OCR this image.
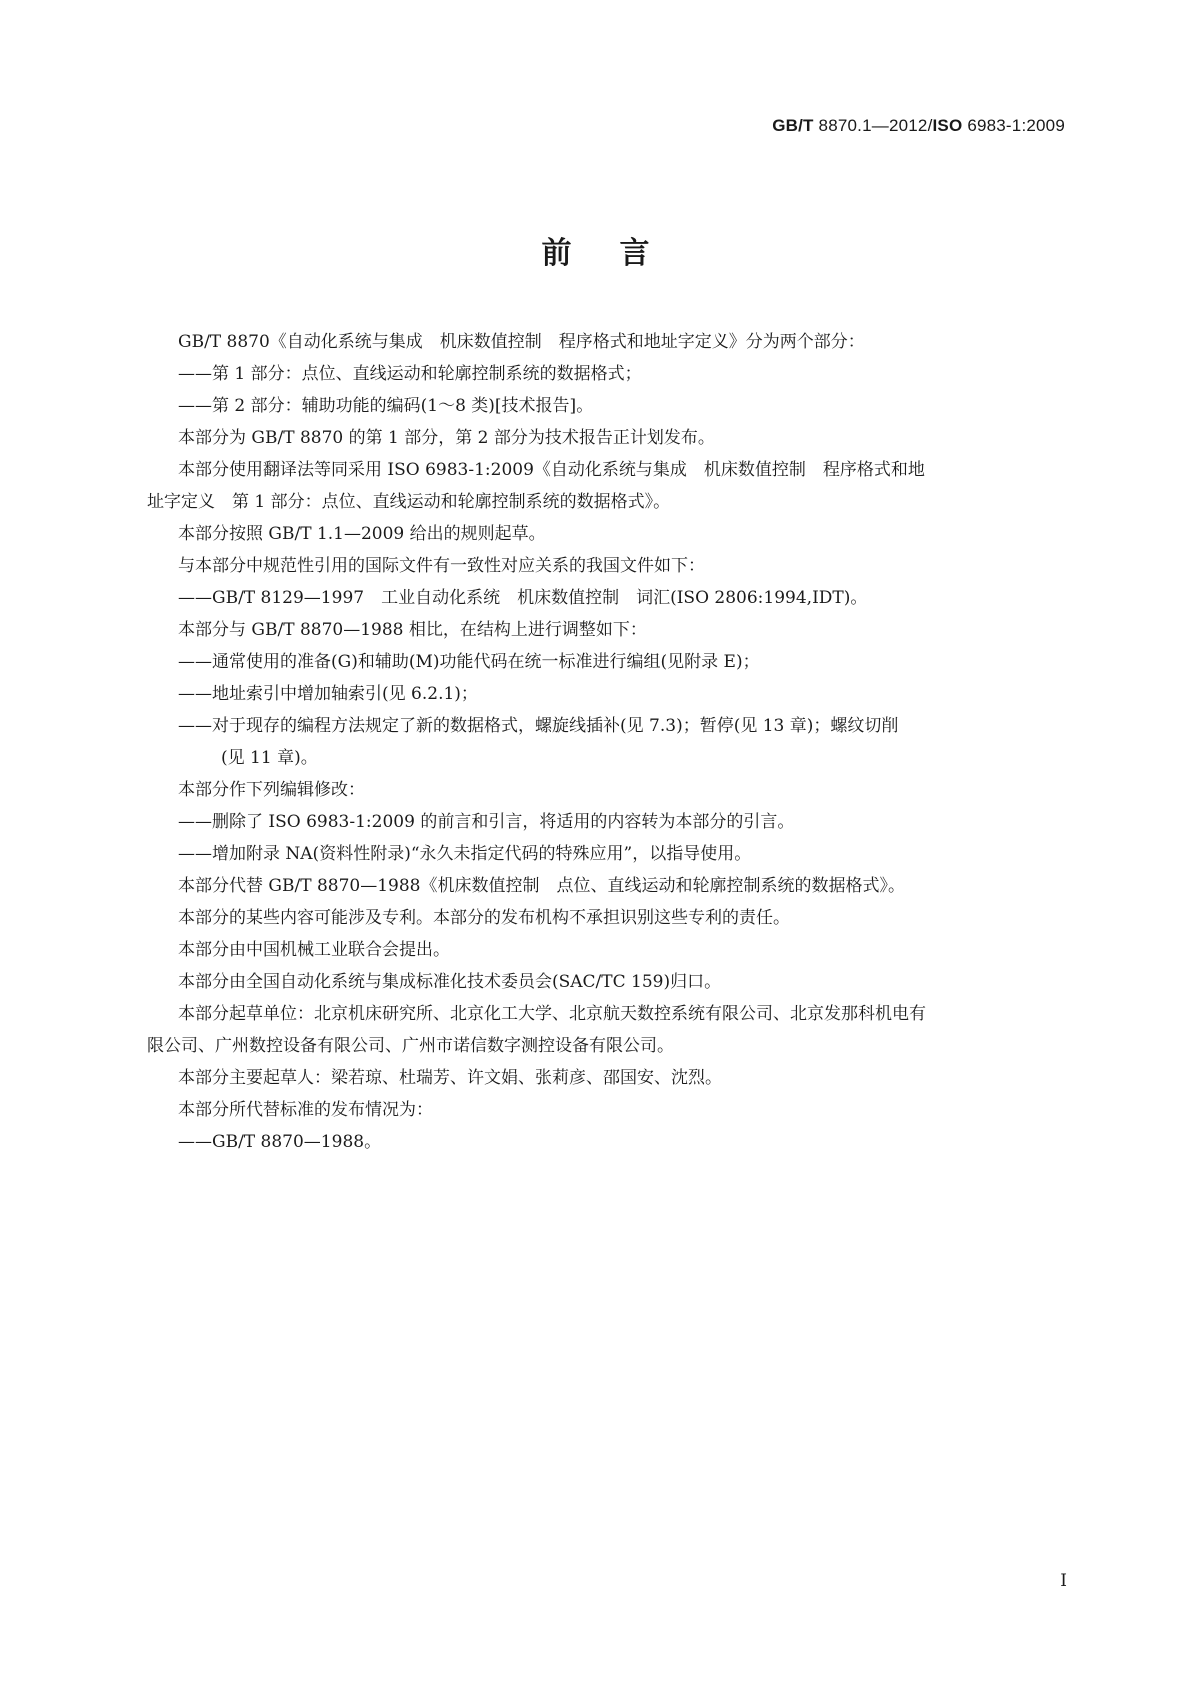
GB/T 8870.1—2012/ISO 6983-1:2009
前言

GB/T 8870《自动化系统与集成　机床数值控制　程序格式和地址字定义》分为两个部分：

——第 1 部分：点位、直线运动和轮廓控制系统的数据格式；

——第 2 部分：辅助功能的编码(1～8 类)[技术报告]。

本部分为 GB/T 8870 的第 1 部分，第 2 部分为技术报告正计划发布。

本部分使用翻译法等同采用 ISO 6983-1:2009《自动化系统与集成　机床数值控制　程序格式和地

址字定义　第 1 部分：点位、直线运动和轮廓控制系统的数据格式》。

本部分按照 GB/T 1.1—2009 给出的规则起草。

与本部分中规范性引用的国际文件有一致性对应关系的我国文件如下：

——GB/T 8129—1997　工业自动化系统　机床数值控制　词汇(ISO 2806:1994,IDT)。

本部分与 GB/T 8870—1988 相比，在结构上进行调整如下：

——通常使用的准备(G)和辅助(M)功能代码在统一标准进行编组(见附录 E)；

——地址索引中增加轴索引(见 6.2.1)；

——对于现存的编程方法规定了新的数据格式，螺旋线插补(见 7.3)；暂停(见 13 章)；螺纹切削

(见 11 章)。

本部分作下列编辑修改：

——删除了 ISO 6983-1:2009 的前言和引言，将适用的内容转为本部分的引言。

——增加附录 NA(资料性附录)“永久未指定代码的特殊应用”，以指导使用。

本部分代替 GB/T 8870—1988《机床数值控制　点位、直线运动和轮廓控制系统的数据格式》。

本部分的某些内容可能涉及专利。本部分的发布机构不承担识别这些专利的责任。

本部分由中国机械工业联合会提出。

本部分由全国自动化系统与集成标准化技术委员会(SAC/TC 159)归口。

本部分起草单位：北京机床研究所、北京化工大学、北京航天数控系统有限公司、北京发那科机电有

限公司、广州数控设备有限公司、广州市诺信数字测控设备有限公司。

本部分主要起草人：梁若琼、杜瑞芳、许文娟、张莉彦、邵国安、沈烈。

本部分所代替标准的发布情况为：

——GB/T 8870—1988。

I
